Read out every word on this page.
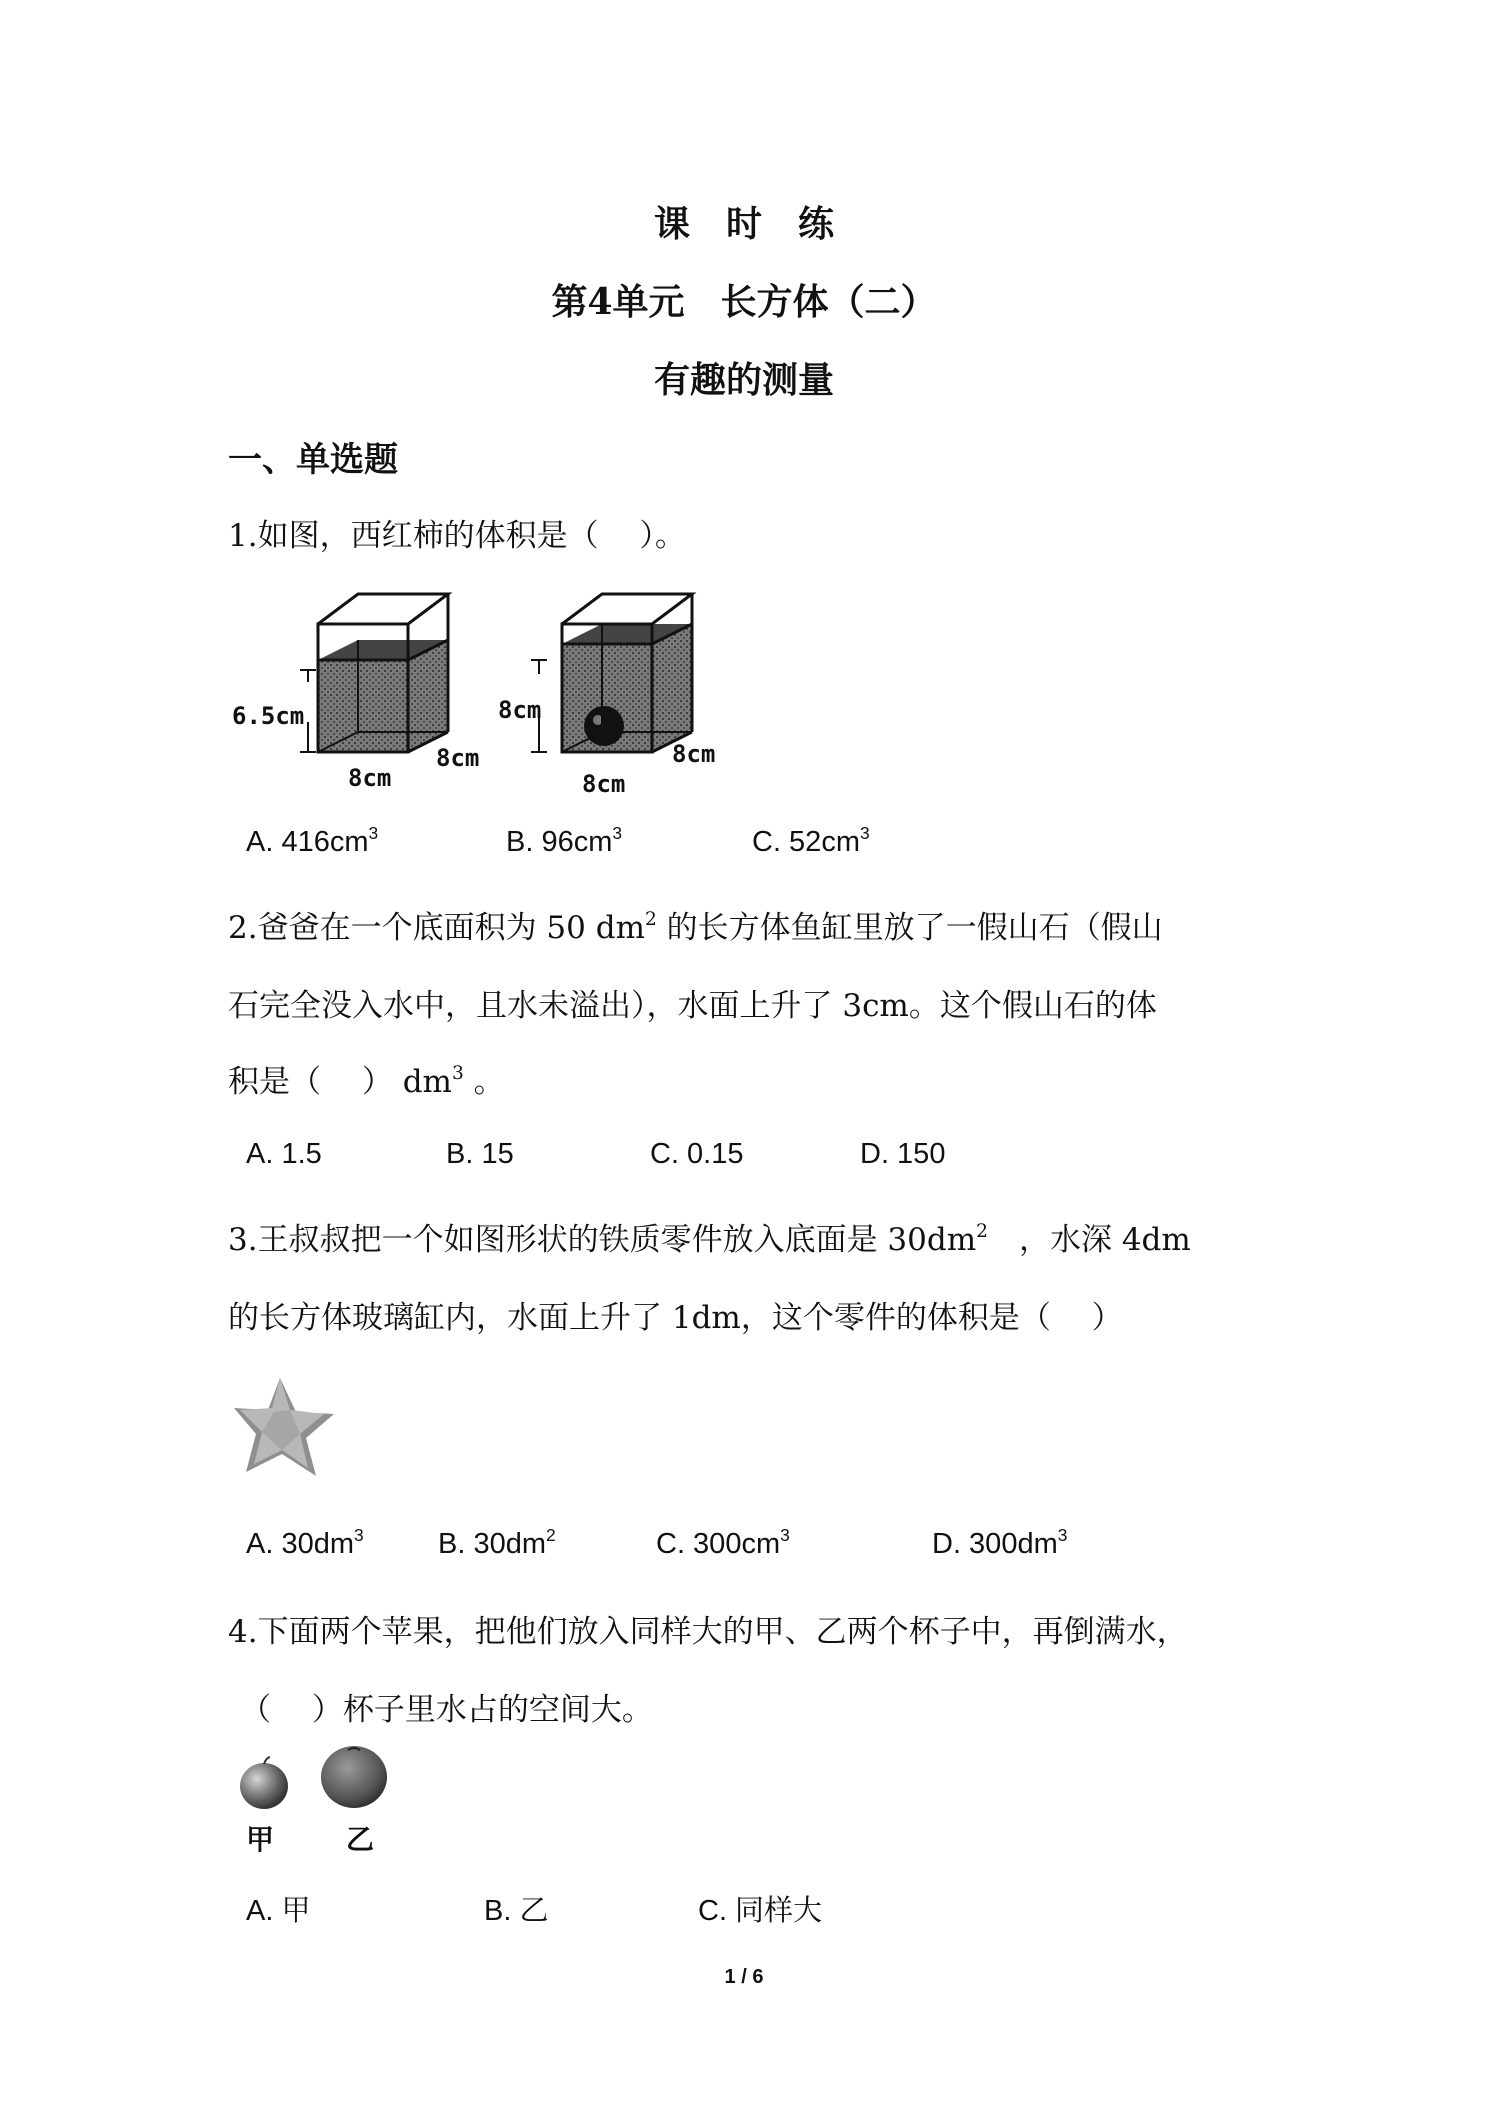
课　时　练
第4单元　长方体（二）
有趣的测量
一、单选题
1.如图，西红柿的体积是（　 ）。
6.5cm
8cm
8cm
8cm
8cm
8cm
A. $416cm^3$	B. $96cm^3$	C. $52cm^3$
2.爸爸在一个底面积为 50 $dm^2$ 的长方体鱼缸里放了一假山石（假山
石完全没入水中，且水未溢出），水面上升了 3cm。这个假山石的体
积是（　 ） $dm^3$ 。
A. 1.5	B. 15	C. 0.15	D. 150
3.王叔叔把一个如图形状的铁质零件放入底面是 $30dm^2$　，水深 4dm
的长方体玻璃缸内，水面上升了 1dm，这个零件的体积是（　 ）
A. $30dm^3$	B. $30dm^2$	C. $300cm^3$	D. $300dm^3$
4.下面两个苹果，把他们放入同样大的甲、乙两个杯子中，再倒满水，
（　 ）杯子里水占的空间大。
甲	乙
A. 甲	B. 乙	C. 同样大
1 / 6
